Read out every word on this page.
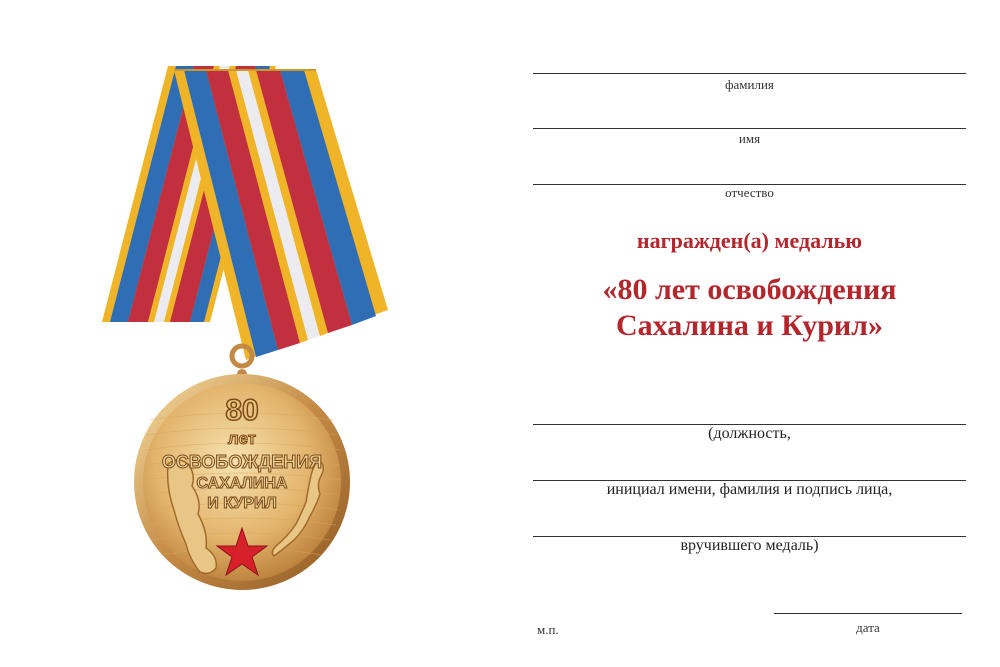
80
лет
ОСВОБОЖДЕНИЯ
САХАЛИНА
И КУРИЛ
фамилия
имя
отчество
награжден(а) медалью
«80 лет освобождения
Сахалина и Курил»
(должность,
инициал имени, фамилия и подпись лица,
вручившего медаль)
м.п.	дата
